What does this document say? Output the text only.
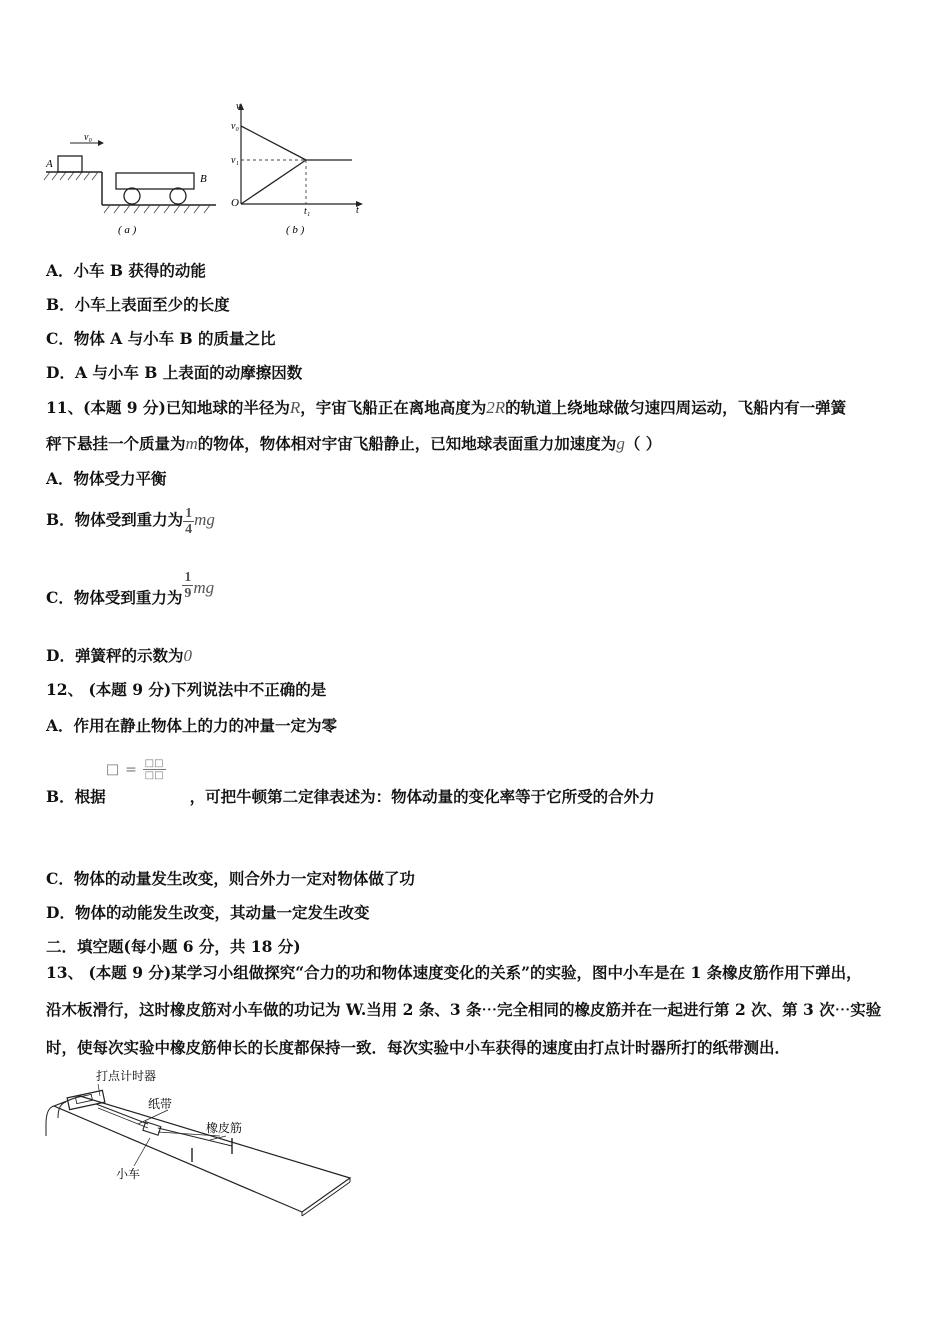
v₀
A
B
( a )
v
t
v₀
v₁
O
t₁
( b )
A．小车 B 获得的动能
B．小车上表面至少的长度
C．物体 A 与小车 B 的质量之比
D．A 与小车 B 上表面的动摩擦因数
11、(本题 9 分)已知地球的半径为R，宇宙飞船正在离地高度为2R的轨道上绕地球做匀速四周运动，飞船内有一弹簧
秤下悬挂一个质量为m的物体，物体相对宇宙飞船静止，已知地球表面重力加速度为g（ ）
A．物体受力平衡
B．物体受到重力为 $\frac{1}{4}$ mg
C．物体受到重力为 $\frac{1}{9}$ mg
D．弹簧秤的示数为0
12、 (本题 9 分)下列说法中不正确的是
A．作用在静止物体上的力的冲量一定为零
□ = $\frac{□□}{□□}$
B．根据	，可把牛顿第二定律表述为：物体动量的变化率等于它所受的合外力
C．物体的动量发生改变，则合外力一定对物体做了功
D．物体的动能发生改变，其动量一定发生改变
二．填空题(每小题 6 分，共 18 分)
13、 (本题 9 分)某学习小组做探究“合力的功和物体速度变化的关系”的实验，图中小车是在 1 条橡皮筋作用下弹出，
沿木板滑行，这时橡皮筋对小车做的功记为 W.当用 2 条、3 条⋯完全相同的橡皮筋并在一起进行第 2 次、第 3 次⋯实验
时，使每次实验中橡皮筋伸长的长度都保持一致．每次实验中小车获得的速度由打点计时器所打的纸带测出．
打点计时器
纸带
橡皮筋
小车
